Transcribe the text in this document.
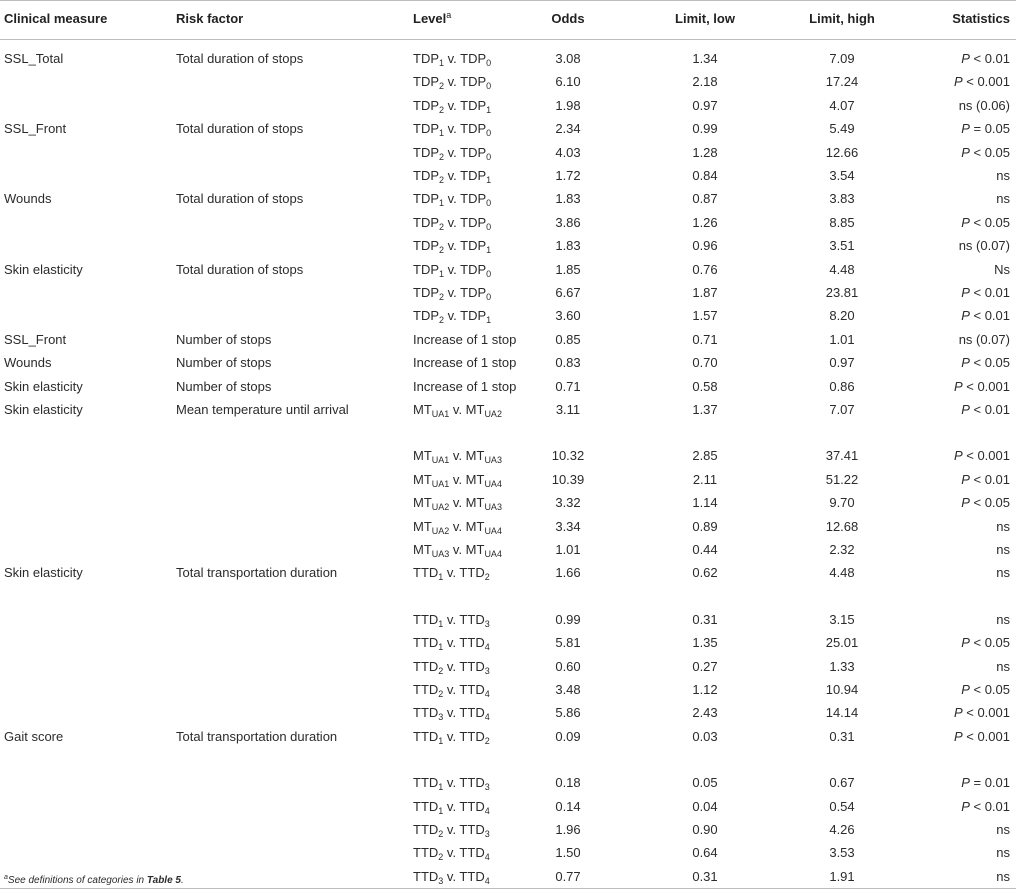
Clinical measure	Risk factor	Level$^a$	Odds	Limit, low	Limit, high	Statistics
SSL_Total	Total duration of stops	$TDP_1$ v. $TDP_0$	3.08	1.34	7.09	P < 0.01
$TDP_2$ v. $TDP_0$	6.10	2.18	17.24	P < 0.001
$TDP_2$ v. $TDP_1$	1.98	0.97	4.07	ns (0.06)
SSL_Front	Total duration of stops	$TDP_1$ v. $TDP_0$	2.34	0.99	5.49	P = 0.05
$TDP_2$ v. $TDP_0$	4.03	1.28	12.66	P < 0.05
$TDP_2$ v. $TDP_1$	1.72	0.84	3.54	ns
Wounds	Total duration of stops	$TDP_1$ v. $TDP_0$	1.83	0.87	3.83	ns
$TDP_2$ v. $TDP_0$	3.86	1.26	8.85	P < 0.05
$TDP_2$ v. $TDP_1$	1.83	0.96	3.51	ns (0.07)
Skin elasticity	Total duration of stops	$TDP_1$ v. $TDP_0$	1.85	0.76	4.48	Ns
$TDP_2$ v. $TDP_0$	6.67	1.87	23.81	P < 0.01
$TDP_2$ v. $TDP_1$	3.60	1.57	8.20	P < 0.01
SSL_Front	Number of stops	Increase of 1 stop	0.85	0.71	1.01	ns (0.07)
Wounds	Number of stops	Increase of 1 stop	0.83	0.70	0.97	P < 0.05
Skin elasticity	Number of stops	Increase of 1 stop	0.71	0.58	0.86	P < 0.001
Skin elasticity	Mean temperature until arrival	$MT_{UA1}$ v. $MT_{UA2}$	3.11	1.37	7.07	P < 0.01
$MT_{UA1}$ v. $MT_{UA3}$	10.32	2.85	37.41	P < 0.001
$MT_{UA1}$ v. $MT_{UA4}$	10.39	2.11	51.22	P < 0.01
$MT_{UA2}$ v. $MT_{UA3}$	3.32	1.14	9.70	P < 0.05
$MT_{UA2}$ v. $MT_{UA4}$	3.34	0.89	12.68	ns
$MT_{UA3}$ v. $MT_{UA4}$	1.01	0.44	2.32	ns
Skin elasticity	Total transportation duration	$TTD_1$ v. $TTD_2$	1.66	0.62	4.48	ns
$TTD_1$ v. $TTD_3$	0.99	0.31	3.15	ns
$TTD_1$ v. $TTD_4$	5.81	1.35	25.01	P < 0.05
$TTD_2$ v. $TTD_3$	0.60	0.27	1.33	ns
$TTD_2$ v. $TTD_4$	3.48	1.12	10.94	P < 0.05
$TTD_3$ v. $TTD_4$	5.86	2.43	14.14	P < 0.001
Gait score	Total transportation duration	$TTD_1$ v. $TTD_2$	0.09	0.03	0.31	P < 0.001
$TTD_1$ v. $TTD_3$	0.18	0.05	0.67	P = 0.01
$TTD_1$ v. $TTD_4$	0.14	0.04	0.54	P < 0.01
$TTD_2$ v. $TTD_3$	1.96	0.90	4.26	ns
$TTD_2$ v. $TTD_4$	1.50	0.64	3.53	ns
$TTD_3$ v. $TTD_4$	0.77	0.31	1.91	ns
$^a$See definitions of categories in Table 5.
